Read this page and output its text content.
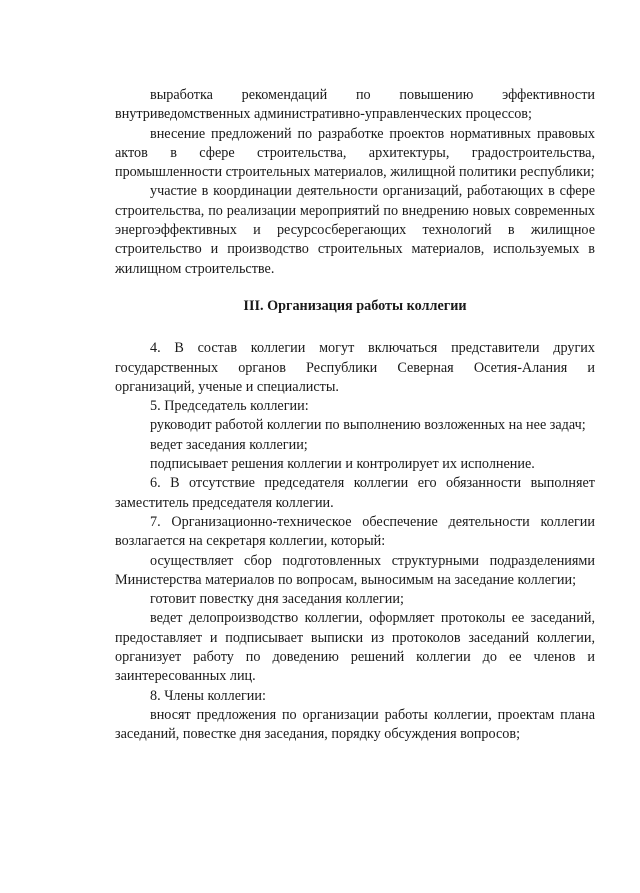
выработка рекомендаций по повышению эффективности внутриведомственных административно-управленческих процессов;

внесение предложений по разработке проектов нормативных правовых актов в сфере строительства, архитектуры, градостроительства, промышленности строительных материалов, жилищной политики республики;

участие в координации деятельности организаций, работающих в сфере строительства, по реализации мероприятий по внедрению новых современных энергоэффективных и ресурсосберегающих технологий в жилищное строительство и производство строительных материалов, используемых в жилищном строительстве.

III. Организация работы коллегии

4. В состав коллегии могут включаться представители других государственных органов Республики Северная Осетия-Алания и организаций, ученые и специалисты.

5. Председатель коллегии:

руководит работой коллегии по выполнению возложенных на нее задач;

ведет заседания коллегии;

подписывает решения коллегии и контролирует их исполнение.

6. В отсутствие председателя коллегии его обязанности выполняет заместитель председателя коллегии.

7. Организационно-техническое обеспечение деятельности коллегии возлагается на секретаря коллегии, который:

осуществляет сбор подготовленных структурными подразделениями Министерства материалов по вопросам, выносимым на заседание коллегии;

готовит повестку дня заседания коллегии;

ведет делопроизводство коллегии, оформляет протоколы ее заседаний, предоставляет и подписывает выписки из протоколов заседаний коллегии, организует работу по доведению решений коллегии до ее членов и заинтересованных лиц.

8. Члены коллегии:

вносят предложения по организации работы коллегии, проектам плана заседаний, повестке дня заседания, порядку обсуждения вопросов;
